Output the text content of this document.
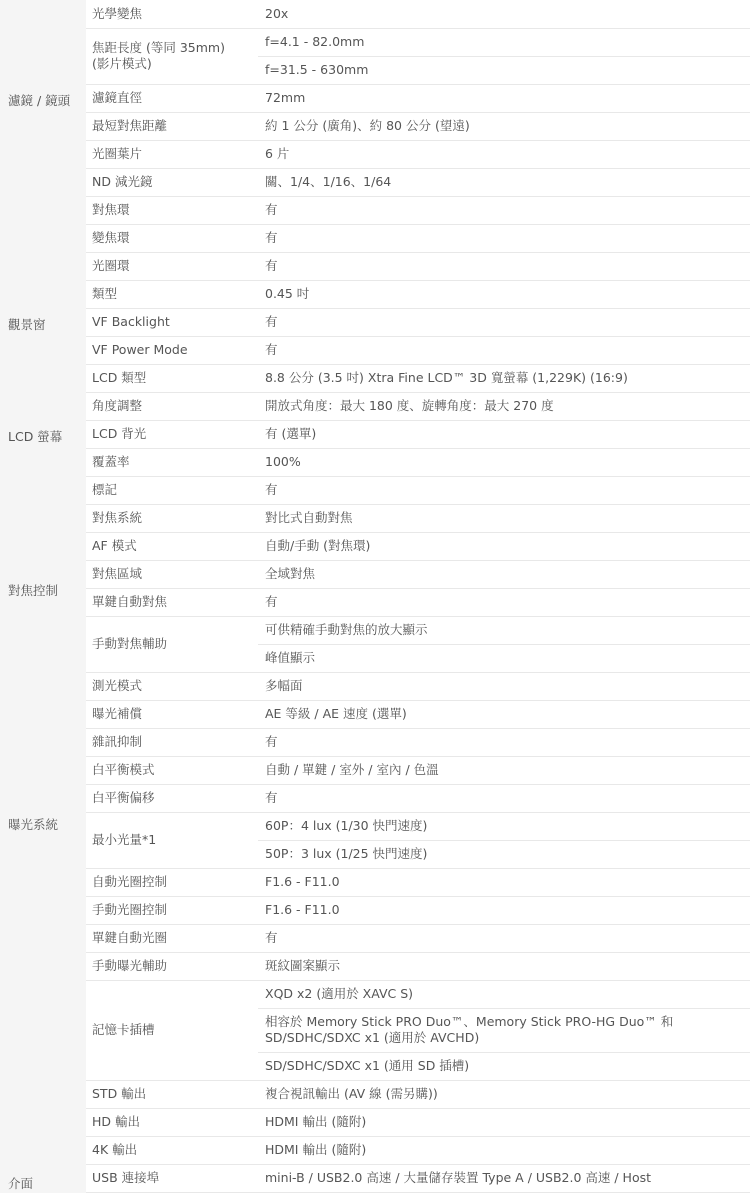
濾鏡 / 鏡頭
觀景窗
LCD 螢幕
對焦控制
曝光系統
介面
20x
光學變焦
f=4.1 - 82.0mm
f=31.5 - 630mm
焦距長度 (等同 35mm)
(影片模式)
72mm
濾鏡直徑
約 1 公分 (廣角)、約 80 公分 (望遠)
最短對焦距離
6 片
光圈葉片
關、1/4、1/16、1/64
ND 減光鏡
有
對焦環
有
變焦環
有
光圈環
0.45 吋
類型
有
VF Backlight
有
VF Power Mode
8.8 公分 (3.5 吋) Xtra Fine LCD™ 3D 寬螢幕 (1,229K) (16:9)
LCD 類型
開放式角度：最大 180 度、旋轉角度：最大 270 度
角度調整
有 (選單)
LCD 背光
100%
覆蓋率
有
標記
對比式自動對焦
對焦系統
自動/手動 (對焦環)
AF 模式
全域對焦
對焦區域
有
單鍵自動對焦
可供精確手動對焦的放大顯示
峰值顯示
手動對焦輔助
多幅面
測光模式
AE 等級 / AE 速度 (選單)
曝光補償
有
雜訊抑制
自動 / 單鍵 / 室外 / 室內 / 色溫
白平衡模式
有
白平衡偏移
60P：4 lux (1/30 快門速度)
50P：3 lux (1/25 快門速度)
最小光量*1
F1.6 - F11.0
自動光圈控制
F1.6 - F11.0
手動光圈控制
有
單鍵自動光圈
斑紋圖案顯示
手動曝光輔助
XQD x2 (適用於 XAVC S)
相容於 Memory Stick PRO Duo™、Memory Stick PRO-HG Duo™ 和
SD/SDHC/SDXC x1 (適用於 AVCHD)
SD/SDHC/SDXC x1 (通用 SD 插槽)
記憶卡插槽
複合視訊輸出 (AV 線 (需另購))
STD 輸出
HDMI 輸出 (隨附)
HD 輸出
HDMI 輸出 (隨附)
4K 輸出
mini-B / USB2.0 高速 / 大量儲存裝置 Type A / USB2.0 高速 / Host
USB 連接埠
